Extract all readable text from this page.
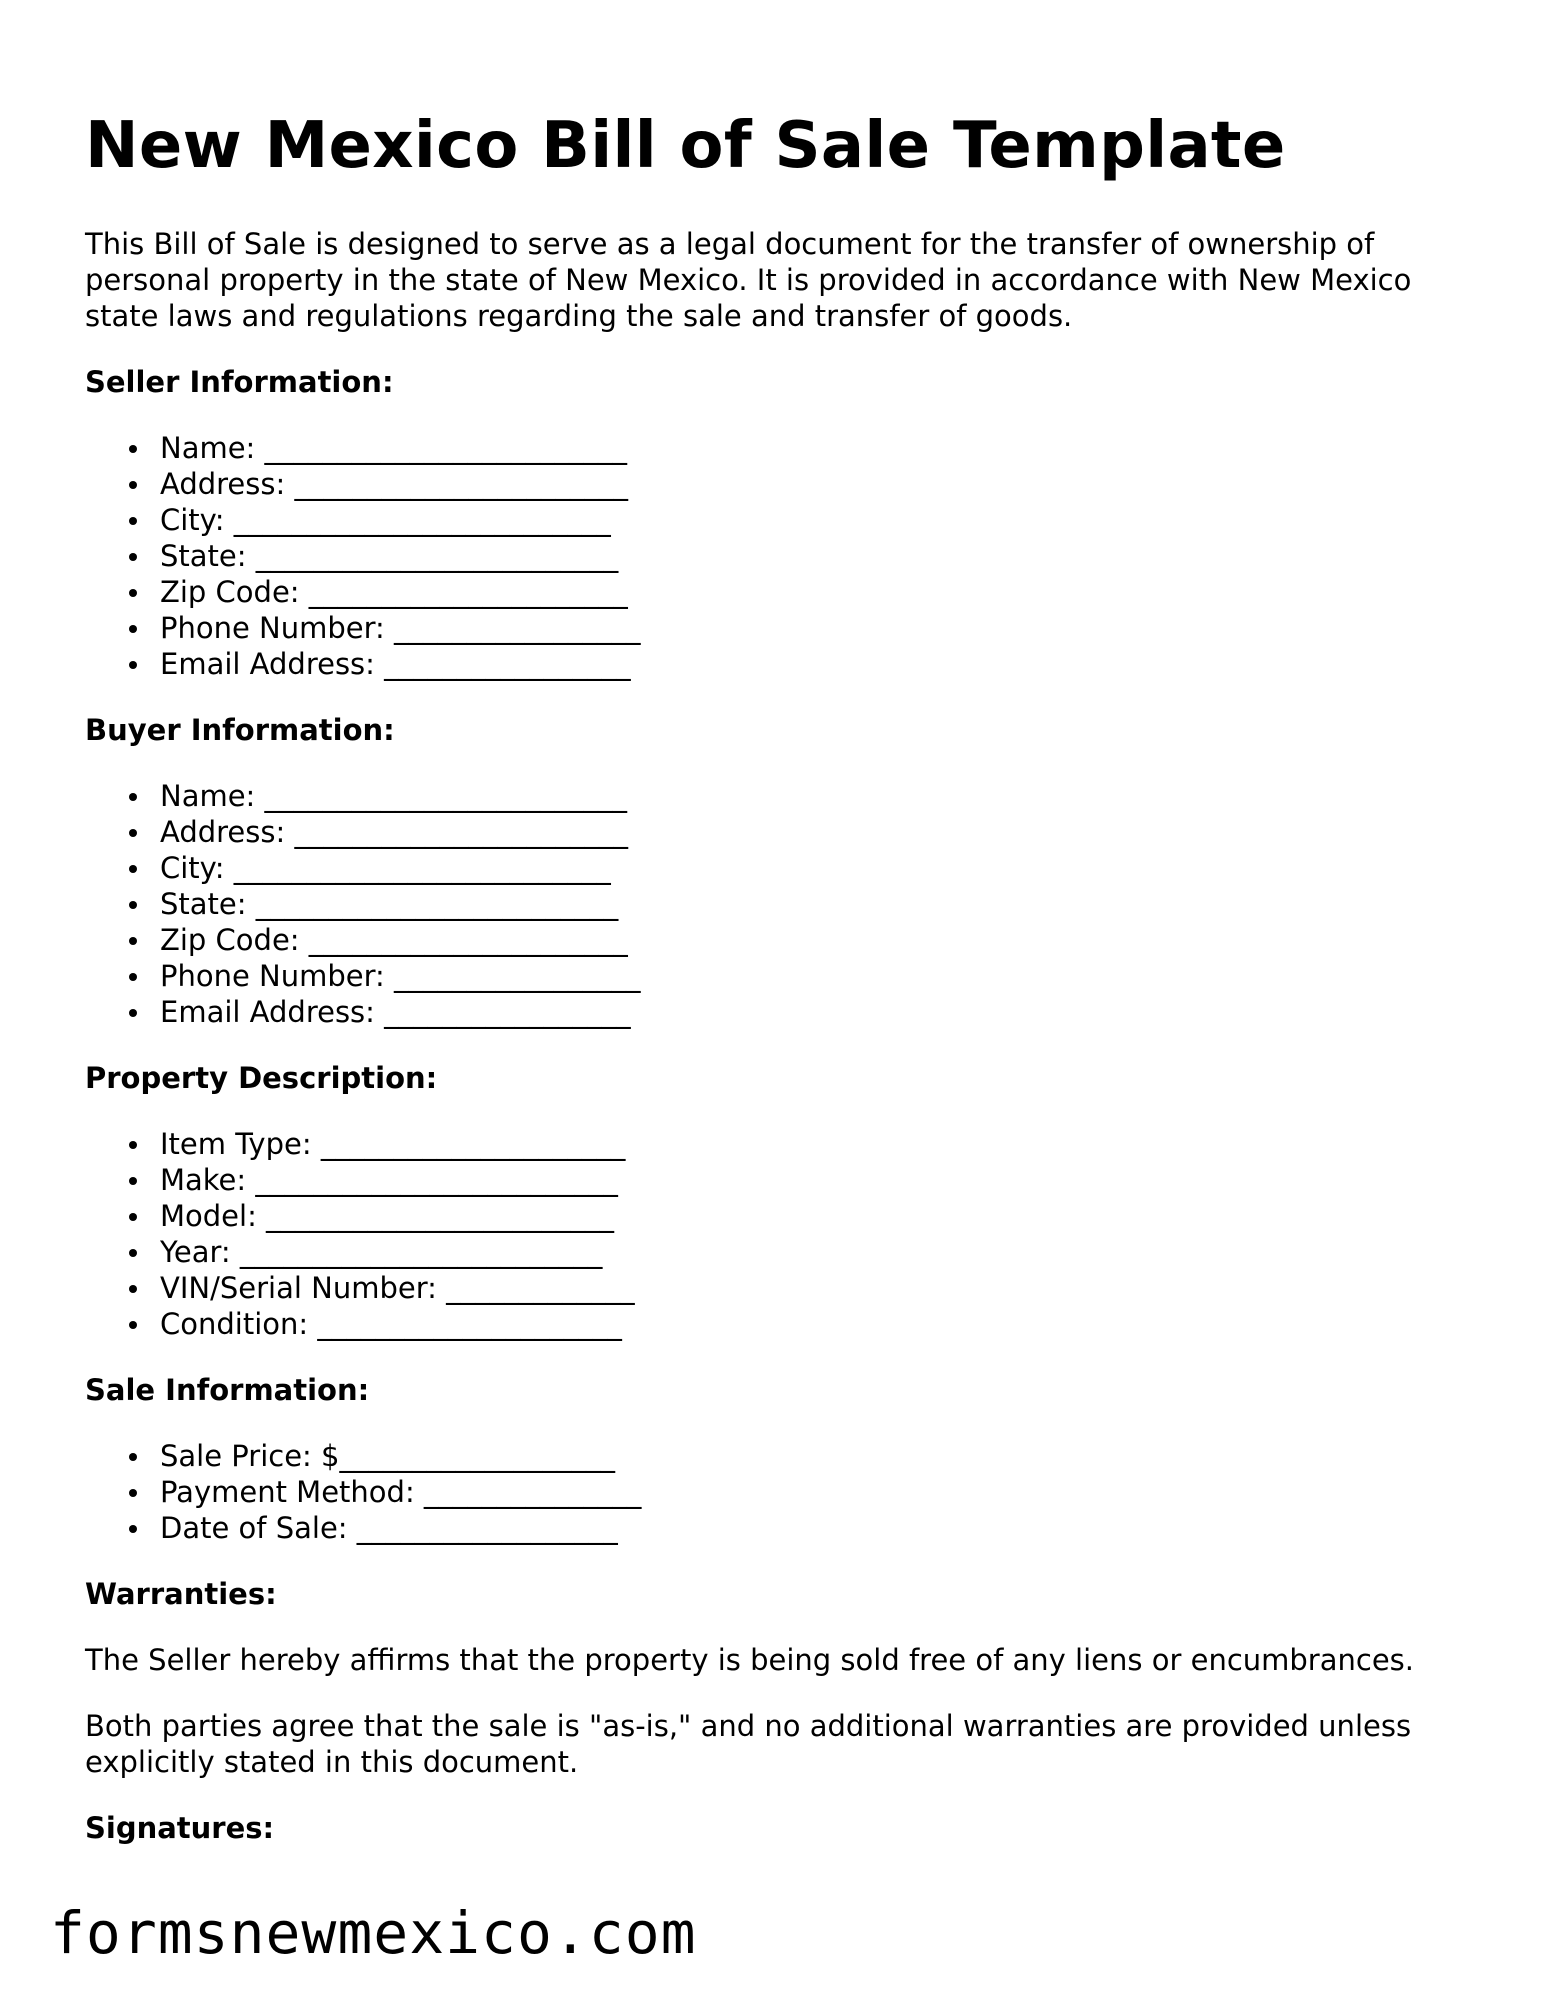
New Mexico Bill of Sale Template

This Bill of Sale is designed to serve as a legal document for the transfer of ownership of personal property in the state of New Mexico. It is provided in accordance with New Mexico state laws and regulations regarding the sale and transfer of goods.

Seller Information:
Name: _________________________
Address: _______________________
City: __________________________
State: _________________________
Zip Code: ______________________
Phone Number: _________________
Email Address: _________________
Buyer Information:
Name: _________________________
Address: _______________________
City: __________________________
State: _________________________
Zip Code: ______________________
Phone Number: _________________
Email Address: _________________
Property Description:
Item Type: _____________________
Make: _________________________
Model: ________________________
Year: _________________________
VIN/Serial Number: _____________
Condition: _____________________
Sale Information:
Sale Price: $___________________
Payment Method: _______________
Date of Sale: __________________
Warranties:

The Seller hereby affirms that the property is being sold free of any liens or encumbrances.

Both parties agree that the sale is "as-is," and no additional warranties are provided unless explicitly stated in this document.

Signatures:
formsnewmexico.com
